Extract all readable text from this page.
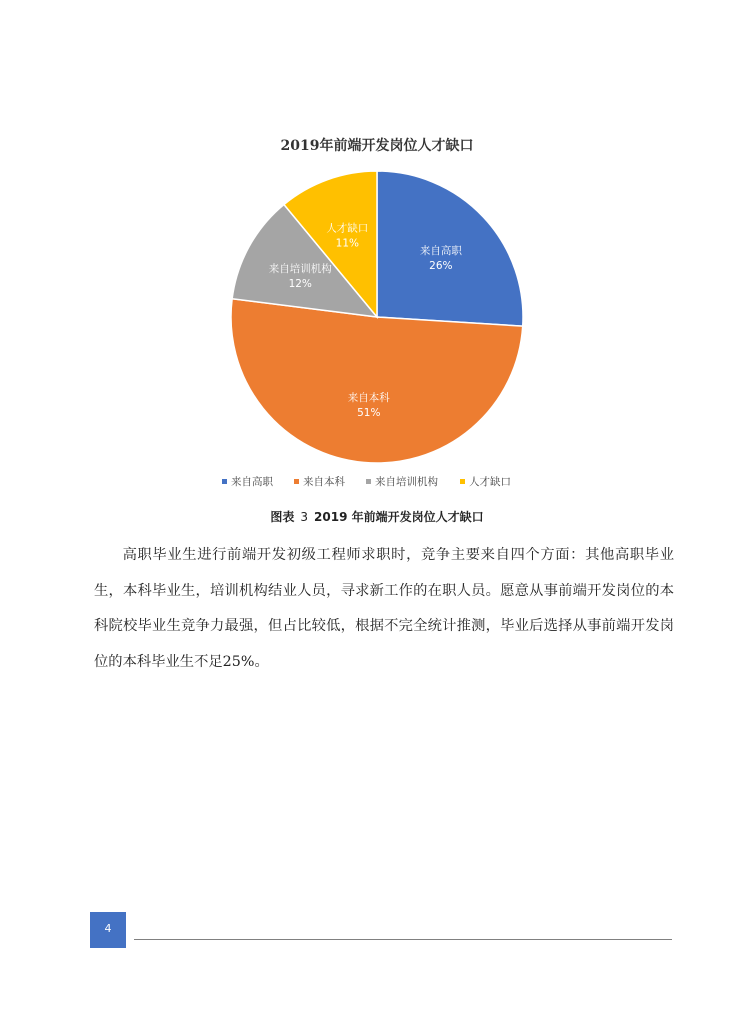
2019年前端开发岗位人才缺口
来自高职
26%
来自本科
51%
来自培训机构
12%
人才缺口
11%
来自高职	来自本科	来自培训机构	人才缺口
图表 3 2019 年前端开发岗位人才缺口

高职毕业生进行前端开发初级工程师求职时，竞争主要来自四个方面：其他高职毕业生，本科毕业生，培训机构结业人员，寻求新工作的在职人员。愿意从事前端开发岗位的本科院校毕业生竞争力最强，但占比较低，根据不完全统计推测，毕业后选择从事前端开发岗位的本科毕业生不足25%。

4
